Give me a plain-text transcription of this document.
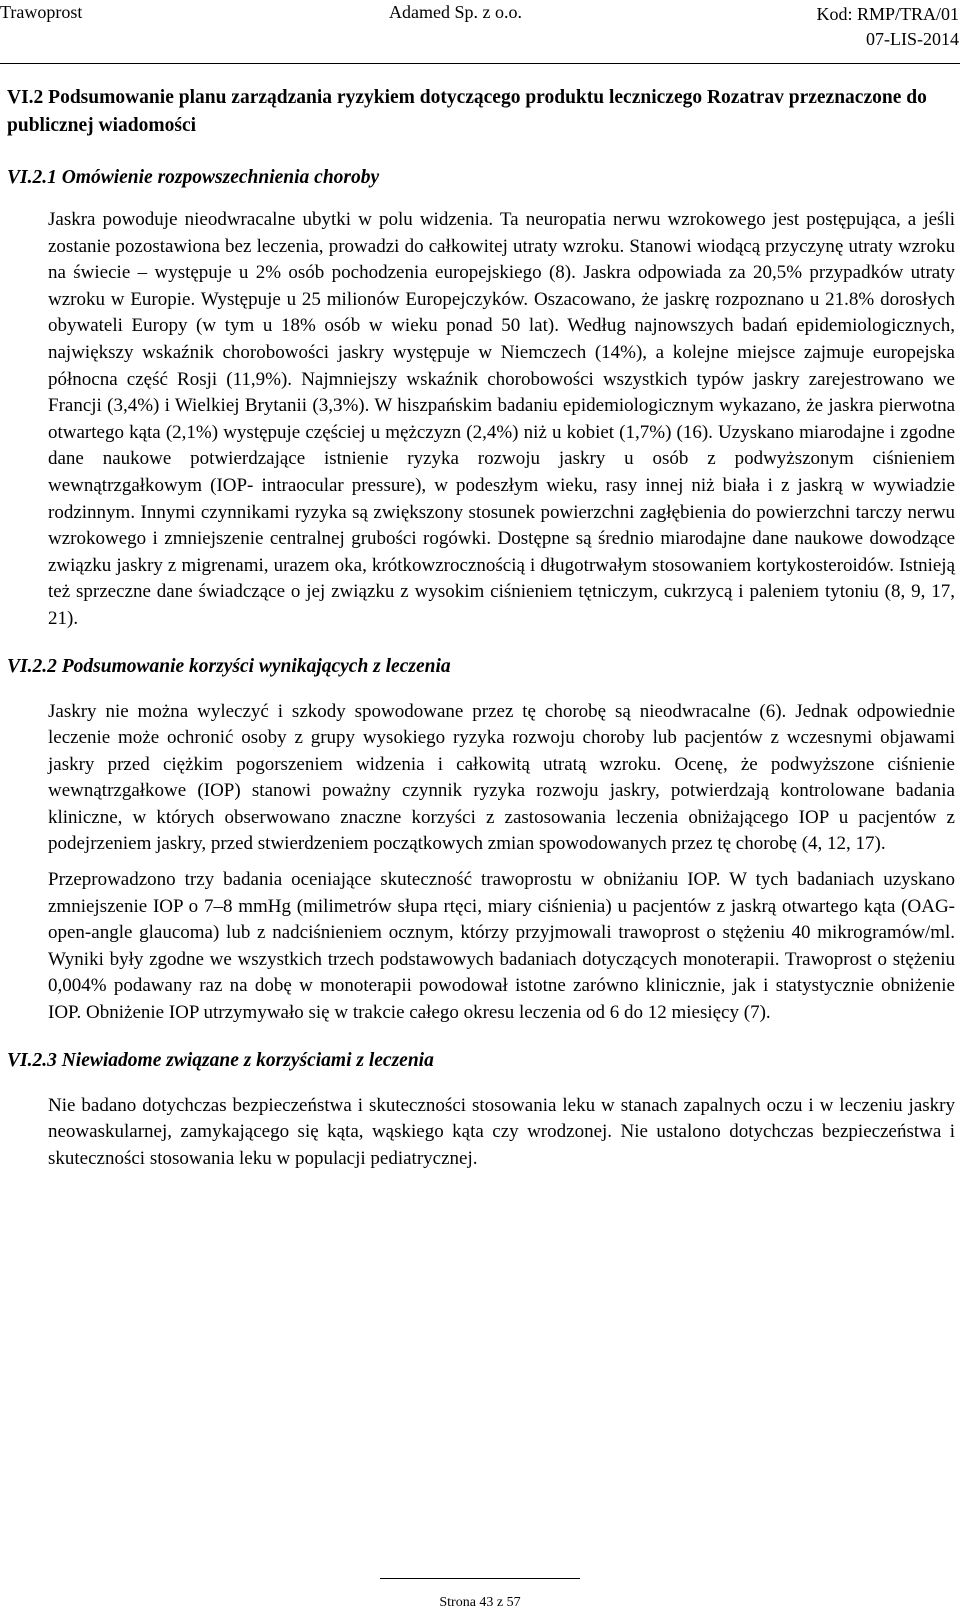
Trawoprost	Adamed Sp. z o.o.	Kod: RMP/TRA/01
07-LIS-2014
VI.2 Podsumowanie planu zarządzania ryzykiem dotyczącego produktu leczniczego Rozatrav przeznaczone do publicznej wiadomości
VI.2.1 Omówienie rozpowszechnienia choroby

Jaskra powoduje nieodwracalne ubytki w polu widzenia. Ta neuropatia nerwu wzrokowego jest postępująca, a jeśli zostanie pozostawiona bez leczenia, prowadzi do całkowitej utraty wzroku. Stanowi wiodącą przyczynę utraty wzroku na świecie – występuje u 2% osób pochodzenia europejskiego (8). Jaskra odpowiada za 20,5% przypadków utraty wzroku w Europie. Występuje u 25 milionów Europejczyków. Oszacowano, że jaskrę rozpoznano u 21.8% dorosłych obywateli Europy (w tym u 18% osób w wieku ponad 50 lat). Według najnowszych badań epidemiologicznych, największy wskaźnik chorobowości jaskry występuje w Niemczech (14%), a kolejne miejsce zajmuje europejska północna część Rosji (11,9%). Najmniejszy wskaźnik chorobowości wszystkich typów jaskry zarejestrowano we Francji (3,4%) i Wielkiej Brytanii (3,3%). W hiszpańskim badaniu epidemiologicznym wykazano, że jaskra pierwotna otwartego kąta (2,1%) występuje częściej u mężczyzn (2,4%) niż u kobiet (1,7%) (16). Uzyskano miarodajne i zgodne dane naukowe potwierdzające istnienie ryzyka rozwoju jaskry u osób z podwyższonym ciśnieniem wewnątrzgałkowym (IOP- intraocular pressure), w podeszłym wieku, rasy innej niż biała i z jaskrą w wywiadzie rodzinnym. Innymi czynnikami ryzyka są zwiększony stosunek powierzchni zagłębienia do powierzchni tarczy nerwu wzrokowego i zmniejszenie centralnej grubości rogówki. Dostępne są średnio miarodajne dane naukowe dowodzące związku jaskry z migrenami, urazem oka, krótkowzrocznością i długotrwałym stosowaniem kortykosteroidów. Istnieją też sprzeczne dane świadczące o jej związku z wysokim ciśnieniem tętniczym, cukrzycą i paleniem tytoniu (8, 9, 17, 21).

VI.2.2 Podsumowanie korzyści wynikających z leczenia

Jaskry nie można wyleczyć i szkody spowodowane przez tę chorobę są nieodwracalne (6). Jednak odpowiednie leczenie może ochronić osoby z grupy wysokiego ryzyka rozwoju choroby lub pacjentów z wczesnymi objawami jaskry przed ciężkim pogorszeniem widzenia i całkowitą utratą wzroku. Ocenę, że podwyższone ciśnienie wewnątrzgałkowe (IOP) stanowi poważny czynnik ryzyka rozwoju jaskry, potwierdzają kontrolowane badania kliniczne, w których obserwowano znaczne korzyści z zastosowania leczenia obniżającego IOP u pacjentów z podejrzeniem jaskry, przed stwierdzeniem początkowych zmian spowodowanych przez tę chorobę (4, 12, 17).

Przeprowadzono trzy badania oceniające skuteczność trawoprostu w obniżaniu IOP. W tych badaniach uzyskano zmniejszenie IOP o 7–8 mmHg (milimetrów słupa rtęci, miary ciśnienia) u pacjentów z jaskrą otwartego kąta (OAG- open-angle glaucoma) lub z nadciśnieniem ocznym, którzy przyjmowali trawoprost o stężeniu 40 mikrogramów/ml. Wyniki były zgodne we wszystkich trzech podstawowych badaniach dotyczących monoterapii. Trawoprost o stężeniu 0,004% podawany raz na dobę w monoterapii powodował istotne zarówno klinicznie, jak i statystycznie obniżenie IOP. Obniżenie IOP utrzymywało się w trakcie całego okresu leczenia od 6 do 12 miesięcy (7).

VI.2.3 Niewiadome związane z korzyściami z leczenia

Nie badano dotychczas bezpieczeństwa i skuteczności stosowania leku w stanach zapalnych oczu i w leczeniu jaskry neowaskularnej, zamykającego się kąta, wąskiego kąta czy wrodzonej. Nie ustalono dotychczas bezpieczeństwa i skuteczności stosowania leku w populacji pediatrycznej.

Strona 43 z 57
